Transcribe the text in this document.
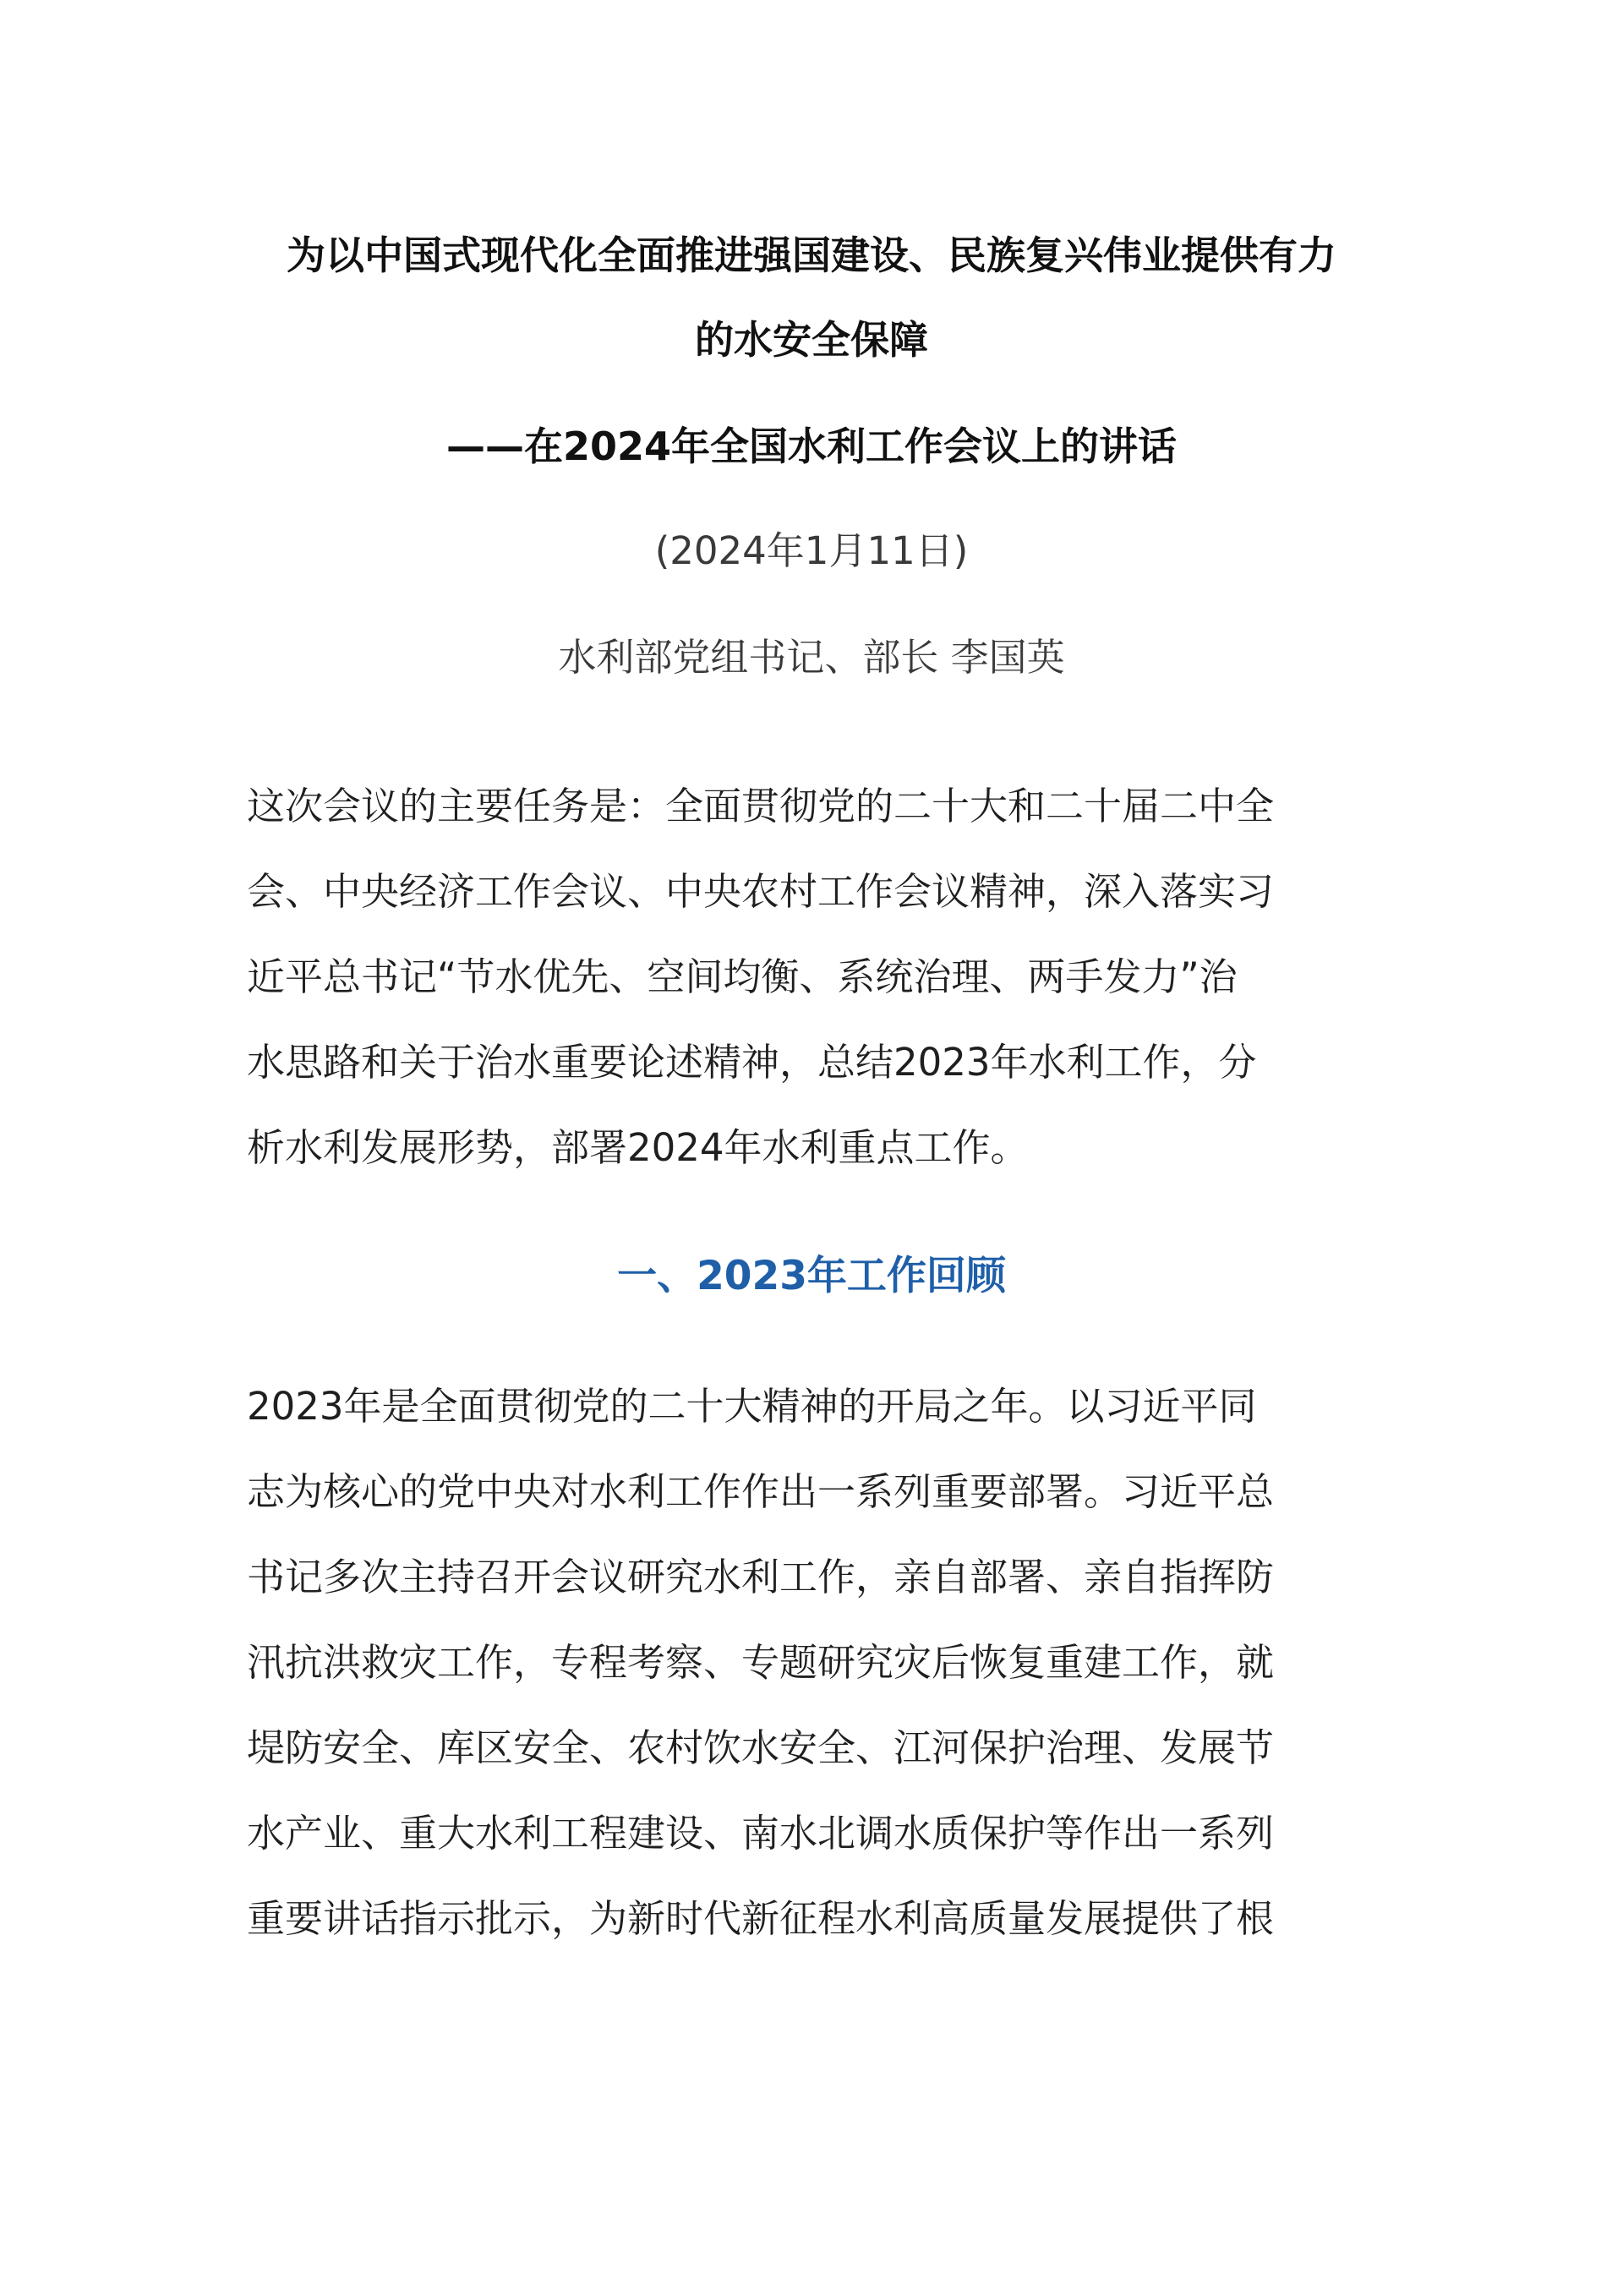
为以中国式现代化全面推进强国建设、民族复兴伟业提供有力
的水安全保障
——在2024年全国水利工作会议上的讲话
(2024年1月11日)
水利部党组书记、部长 李国英
这次会议的主要任务是：全面贯彻党的二十大和二十届二中全
会、中央经济工作会议、中央农村工作会议精神，深入落实习
近平总书记“节水优先、空间均衡、系统治理、两手发力”治
水思路和关于治水重要论述精神，总结2023年水利工作，分
析水利发展形势，部署2024年水利重点工作。
一、2023年工作回顾
2023年是全面贯彻党的二十大精神的开局之年。以习近平同
志为核心的党中央对水利工作作出一系列重要部署。习近平总
书记多次主持召开会议研究水利工作，亲自部署、亲自指挥防
汛抗洪救灾工作，专程考察、专题研究灾后恢复重建工作，就
堤防安全、库区安全、农村饮水安全、江河保护治理、发展节
水产业、重大水利工程建设、南水北调水质保护等作出一系列
重要讲话指示批示，为新时代新征程水利高质量发展提供了根
